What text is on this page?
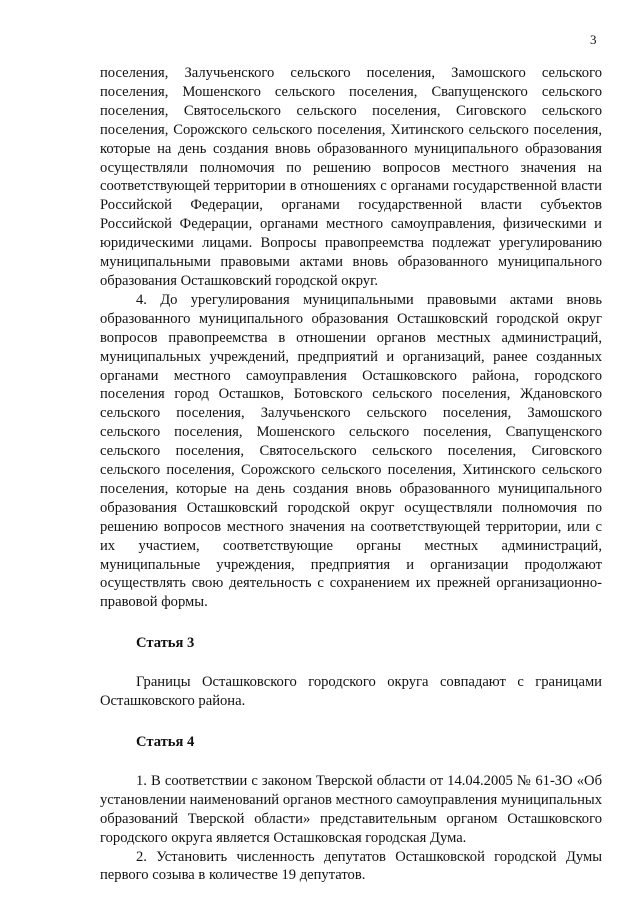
3

поселения, Залучьенского сельского поселения, Замошского сельского поселения, Мошенского сельского поселения, Свапущенского сельского поселения, Святосельского сельского поселения, Сиговского сельского поселения, Сорожского сельского поселения, Хитинского сельского поселения, которые на день создания вновь образованного муниципального образования осуществляли полномочия по решению вопросов местного значения на соответствующей территории в отношениях с органами государственной власти Российской Федерации, органами государственной власти субъектов Российской Федерации, органами местного самоуправления, физическими и юридическими лицами. Вопросы правопреемства подлежат урегулированию муниципальными правовыми актами вновь образованного муниципального образования Осташковский городской округ.

4. До урегулирования муниципальными правовыми актами вновь образованного муниципального образования Осташковский городской округ вопросов правопреемства в отношении органов местных администраций, муниципальных учреждений, предприятий и организаций, ранее созданных органами местного самоуправления Осташковского района, городского поселения город Осташков, Ботовского сельского поселения, Ждановского сельского поселения, Залучьенского сельского поселения, Замошского сельского поселения, Мошенского сельского поселения, Свапущенского сельского поселения, Святосельского сельского поселения, Сиговского сельского поселения, Сорожского сельского поселения, Хитинского сельского поселения, которые на день создания вновь образованного муниципального образования Осташковский городской округ осуществляли полномочия по решению вопросов местного значения на соответствующей территории, или с их участием, соответствующие органы местных администраций, муниципальные учреждения, предприятия и организации продолжают осуществлять свою деятельность с сохранением их прежней организационно-правовой формы.

Статья 3

Границы Осташковского городского округа совпадают с границами Осташковского района.

Статья 4

1. В соответствии с законом Тверской области от 14.04.2005 № 61-ЗО «Об установлении наименований органов местного самоуправления муниципальных образований Тверской области» представительным органом Осташковского городского округа является Осташковская городская Дума.

2. Установить численность депутатов Осташковской городской Думы первого созыва в количестве 19 депутатов.
